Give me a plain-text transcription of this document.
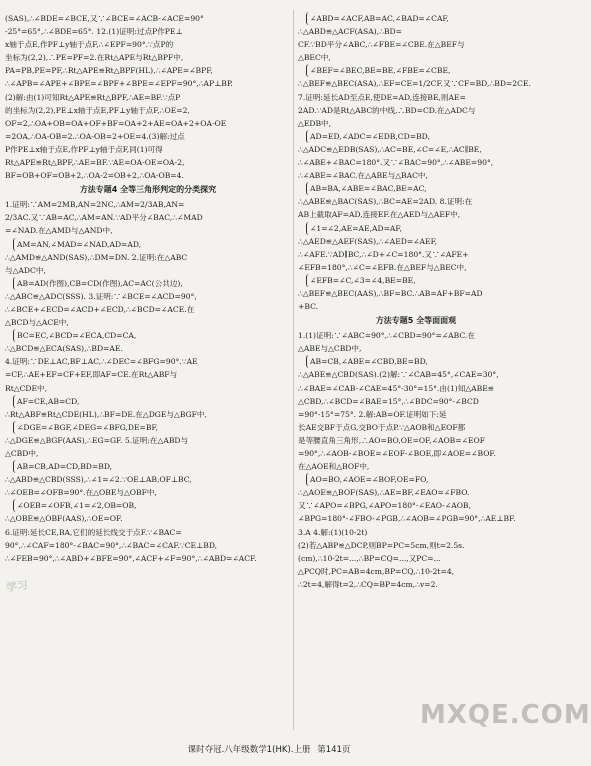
(SAS),∴∠BDE=∠BCE,又∵∠BCE=∠ACB-∠ACE=90°
-25°=65°,∴∠BDE=65°. 12.(1)证明:过点P作PE⊥
x轴于点E,作PF⊥y轴于点F,∴∠EPF=90°.∵点P的
坐标为(2,2),∴PE=PF=2.在Rt△APE与Rt△BPF中,
PA=PB,PE=PF,∴Rt△APE≌Rt△BPF(HL),∴∠APE=∠BPF,
∴∠APB=∠APE+∠BPE=∠BPF+∠BPE=∠EPF=90°,∴AP⊥BP.
(2)解:由(1)可知Rt△APE≌Rt△BPF,∴AE=BF.∵点P
的坐标为(2,2),PE⊥x轴于点E,PF⊥y轴于点F,∴OE=2,
OF=2,∴OA+OB=OA+OF+BF=OA+2+AE=OA+2+OA-OE
=2OA,∴OA-OB=2.∴OA-OB=2+OE=4.(3)解:过点
P作PE⊥x轴于点E,作PF⊥y轴于点F,同(1)可得
Rt△APE≌Rt△BPF,∴AE=BF.∵AE=OA-OE=OA-2,
BF=OB+OF=OB+2,∴OA-2=OB+2,∴OA-OB=4.
方法专题4 全等三角形判定的分类探究
1.证明:∵AM=2MB,AN=2NC,∴AM=2/3AB,AN=
2/3AC.又∵AB=AC,∴AM=AN.∵AD平分∠BAC,∴∠MAD
=∠NAD.在△AMD与△AND中,
AM=AN,∠MAD=∠NAD,AD=AD,
∴△AMD≌△AND(SAS),∴DM=DN. 2.证明:在△ABC
与△ADC中,
AB=AD(作图),CB=CD(作图),AC=AC(公共边),
∴△ABC≌△ADC(SSS). 3.证明:∵∠BCE=∠ACD=90°,
∴∠BCE+∠ECD=∠ACD+∠ECD,∴∠BCD=∠ACE.在
△BCD与△ACE中,
BC=EC,∠BCD=∠ECA,CD=CA,
∴△BCD≌△ECA(SAS),∴BD=AE.
4.证明:∵DE⊥AC,BF⊥AC,∴∠DEC=∠BFG=90°.∵AE
=CF,∴AE+EF=CF+EF,即AF=CE.在Rt△ABF与
Rt△CDE中,
AF=CE,AB=CD,
∴Rt△ABF≌Rt△CDE(HL),∴BF=DE.在△DGE与△BGF中,
∠DGE=∠BGF,∠DEG=∠BFG,DE=BF,
∴△DGE≌△BGF(AAS),∴EG=GF. 5.证明:在△ABD与
△CBD中,
AB=CB,AD=CD,BD=BD,
∴△ABD≌△CBD(SSS),∴∠1=∠2.∵OE⊥AB,OF⊥BC,
∴∠OEB=∠OFB=90°.在△OBE与△OBF中,
∠OEB=∠OFB,∠1=∠2,OB=OB,
∴△OBE≌△OBF(AAS),∴OE=OF.
6.证明:延长CE,BA,它们的延长线交于点F.∵∠BAC=
90°,∴∠CAF=180°-∠BAC=90°,∴∠BAC=∠CAF.∵CE⊥BD,
∴∠FEB=90°,∴∠ABD+∠BFE=90°,∠ACF+∠F=90°,∴∠ABD=∠ACF.
∠ABD=∠ACF,AB=AC,∠BAD=∠CAF,
∴△ABD≌△ACF(ASA),∴BD=
CF.∵BD平分∠ABC,∴∠FBE=∠CBE.在△BEF与
△BEC中,
∠BEF=∠BEC,BE=BE,∠FBE=∠CBE,
∴△BEF≌△BEC(ASA),∴EF=CE=1/2CF.又∵CF=BD,∴BD=2CE.
7.证明:延长AD至点E,使DE=AD,连接BE,则AE=
2AD.∵AD是Rt△ABC的中线,∴BD=CD.在△ADC与
△EDB中,
AD=ED,∠ADC=∠EDB,CD=BD,
∴△ADC≌△EDB(SAS),∴AC=BE,∠C=∠E,∴AC∥BE,
∴∠ABE+∠BAC=180°.又∵∠BAC=90°,∴∠ABE=90°,
∴∠ABE=∠BAC.在△ABE与△BAC中,
AB=BA,∠ABE=∠BAC,BE=AC,
∴△ABE≌△BAC(SAS),∴BC=AE=2AD. 8.证明:在
AB上截取AF=AD,连接EF.在△AED与△AEF中,
∠1=∠2,AE=AE,AD=AF,
∴△AED≌△AEF(SAS),∴∠AED=∠AEF,
∴∠AFE.∵AD∥BC,∴∠D+∠C=180°.又∵∠AFE+
∠EFB=180°,∴∠C=∠EFB.在△BEF与△BEC中,
∠EFB=∠C,∠3=∠4,BE=BE,
∴△BEF≌△BEC(AAS),∴BF=BC.∴AB=AF+BF=AD
+BC.
方法专题5 全等面面观
1.(1)证明:∵∠ABC=90°,∴∠CBD=90°=∠ABC.在
△ABE与△CBD中,
AB=CB,∠ABE=∠CBD,BE=BD,
∴△ABE≌△CBD(SAS).(2)解:∵∠CAB=45°,∠CAE=30°,
∴∠BAE=∠CAB-∠CAE=45°-30°=15°.由(1)知△ABE≌
△CBD,∴∠BCD=∠BAE=15°,∴∠BDC=90°-∠BCD
=90°-15°=75°. 2.解:AB=OF.证明如下:延
长AE交BF于点G,交BO于点P.∵△AOB和△EOF都
是等腰直角三角形,∴AO=BO,OE=OF,∠AOB=∠EOF
=90°,∴∠AOB-∠BOE=∠EOF-∠BOE,即∠AOE=∠BOF.
在△AOE和△BOF中,
AO=BO,∠AOE=∠BOF,OE=FO,
∴△AOE≌△BOF(SAS),∴AE=BF,∠EAO=∠FBO.
又∵∠APO=∠BPG,∠APO=180°-∠EAO-∠AOB,
∠BPG=180°-∠FBO-∠PGB,∴∠AOB=∠PGB=90°,∴AE⊥BF.
3.A 4.解:(1)(10-2t)
(2)若△ABP≌△DCP,则BP=PC=5cm,则t=2.5s.
(cm),∴10-2t=...,∴BP=CQ=...,又PC=...
△PCQ时,PC=AB=4cm,BP=CQ,∴10-2t=4,
∴2t=4,解得t=2,∴CQ=BP=4cm,∴v=2.
学习
课时夺冠.八年级数学1(HK).上册 第141页
MXQE.COM
